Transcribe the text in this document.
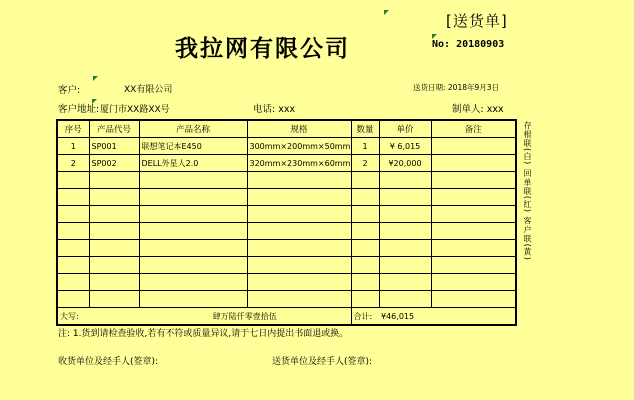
[送货单]
我拉网有限公司	No: 20180903
客户:	XX有限公司	送货日期: 2018年9月3日
客户地址: 厦门市XX路XX号	电话: xxx	制单人: xxx
序号	产品代号	产品名称	规格	数量	单价	备注
1	SP001	联想笔记本E450	300mm×200mm×50mm	1	¥ 6,015	
2	SP002	DELL外星人2.0	320mm×230mm×60mm	2	¥20,000	

大写:		肆万陆仟零壹拾伍		合计:	¥46,015	
存根联(白) 回单联(红) 客户联(黄)
注: 1.货到请检查验收,若有不符或质量异议,请于七日内提出书面退或换。
收货单位及经手人(签章):	送货单位及经手人(签章):
